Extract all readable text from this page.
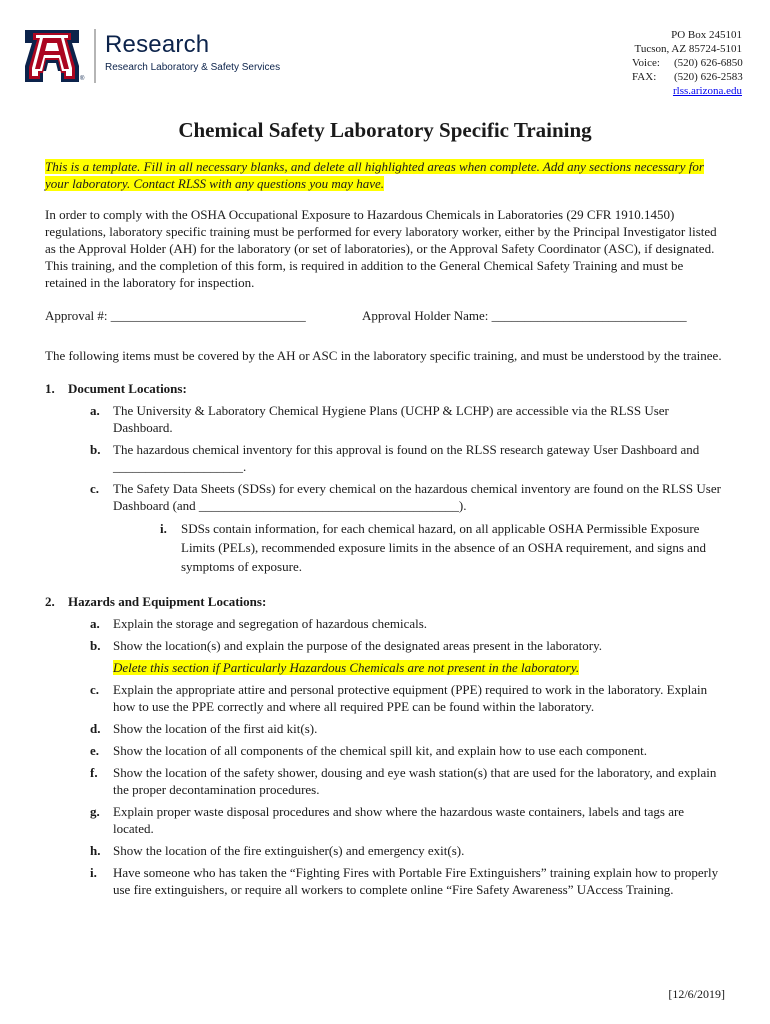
®
Research
Research Laboratory & Safety Services
PO Box 245101
Tucson, AZ 85724-5101
Voice: (520) 626-6850
FAX: (520) 626-2583
rlss.arizona.edu
Chemical Safety Laboratory Specific Training

This is a template. Fill in all necessary blanks, and delete all highlighted areas when complete. Add any sections necessary for your laboratory. Contact RLSS with any questions you may have.

In order to comply with the OSHA Occupational Exposure to Hazardous Chemicals in Laboratories (29 CFR 1910.1450) regulations, laboratory specific training must be performed for every laboratory worker, either by the Principal Investigator listed as the Approval Holder (AH) for the laboratory (or set of laboratories), or the Approval Safety Coordinator (ASC), if designated. This training, and the completion of this form, is required in addition to the General Chemical Safety Training and must be retained in the laboratory for inspection.

Approval #: ______________________________	Approval Holder Name: ______________________________

The following items must be covered by the AH or ASC in the laboratory specific training, and must be understood by the trainee.

1.	Document Locations:
a.	The University & Laboratory Chemical Hygiene Plans (UCHP & LCHP) are accessible via the RLSS User Dashboard.
b. The hazardous chemical inventory for this approval is found on the RLSS research gateway User Dashboard and ____________________.
c.	The Safety Data Sheets (SDSs) for every chemical on the hazardous chemical inventory are found on the RLSS User Dashboard (and ________________________________________).
i.	SDSs contain information, for each chemical hazard, on all applicable OSHA Permissible Exposure Limits (PELs), recommended exposure limits in the absence of an OSHA requirement, and signs and symptoms of exposure.
2.	Hazards and Equipment Locations:
a.	Explain the storage and segregation of hazardous chemicals.
b. Show the location(s) and explain the purpose of the designated areas present in the laboratory.

Delete this section if Particularly Hazardous Chemicals are not present in the laboratory.

c.	Explain the appropriate attire and personal protective equipment (PPE) required to work in the laboratory. Explain how to use the PPE correctly and where all required PPE can be found within the laboratory.
d. Show the location of the first aid kit(s).
e.	Show the location of all components of the chemical spill kit, and explain how to use each component.
f.	Show the location of the safety shower, dousing and eye wash station(s) that are used for the laboratory, and explain the proper decontamination procedures.
g.	Explain proper waste disposal procedures and show where the hazardous waste containers, labels and tags are located.
h. Show the location of the fire extinguisher(s) and emergency exit(s).
i.	Have someone who has taken the “Fighting Fires with Portable Fire Extinguishers” training explain how to properly use fire extinguishers, or require all workers to complete online “Fire Safety Awareness” UAccess Training.
[12/6/2019]
